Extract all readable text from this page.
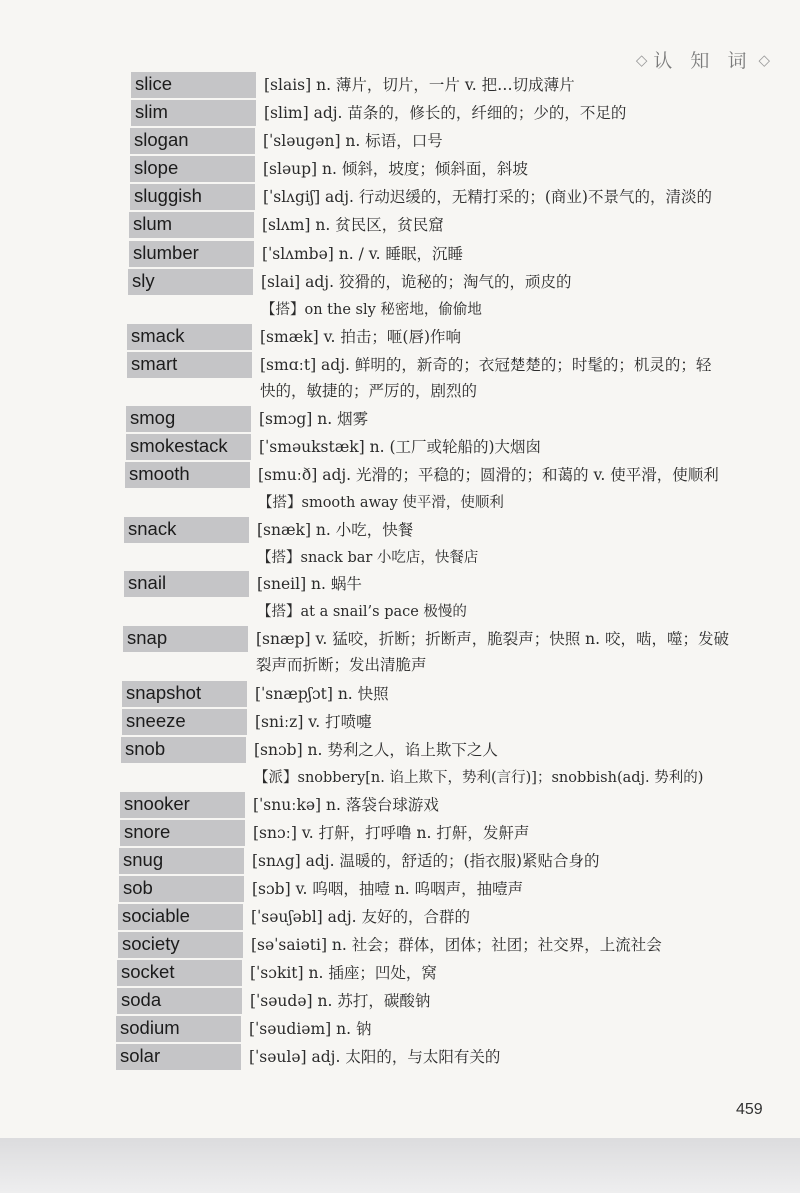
◇ 认 知 词 ◇
slice	[slais] n. 薄片，切片，一片 v. 把…切成薄片
slim	[slim] adj. 苗条的，修长的，纤细的；少的，不足的
slogan	[ˈsləugən] n. 标语，口号
slope	[sləup] n. 倾斜，坡度；倾斜面，斜坡
sluggish	[ˈslʌgiʃ] adj. 行动迟缓的，无精打采的；(商业)不景气的，清淡的
slum	[slʌm] n. 贫民区，贫民窟
slumber	[ˈslʌmbə] n. / v. 睡眠，沉睡
sly	[slai] adj. 狡猾的，诡秘的；淘气的，顽皮的
【搭】on the sly 秘密地，偷偷地
smack	[smæk] v. 拍击；咂(唇)作响
smart	[smɑːt] adj. 鲜明的，新奇的；衣冠楚楚的；时髦的；机灵的；轻
快的，敏捷的；严厉的，剧烈的
smog	[smɔg] n. 烟雾
smokestack	[ˈsməukstæk] n. (工厂或轮船的)大烟囱
smooth	[smuːð] adj. 光滑的；平稳的；圆滑的；和蔼的 v. 使平滑，使顺利
【搭】smooth away 使平滑，使顺利
snack	[snæk] n. 小吃，快餐
【搭】snack bar 小吃店，快餐店
snail	[sneil] n. 蜗牛
【搭】at a snail’s pace 极慢的
snap	[snæp] v. 猛咬，折断；折断声，脆裂声；快照 n. 咬，啮，噬；发破
裂声而折断；发出清脆声
snapshot	[ˈsnæpʃɔt] n. 快照
sneeze	[sniːz] v. 打喷嚏
snob	[snɔb] n. 势利之人，谄上欺下之人
【派】snobbery[n. 谄上欺下，势利(言行)]；snobbish(adj. 势利的)
snooker	[ˈsnuːkə] n. 落袋台球游戏
snore	[snɔː] v. 打鼾，打呼噜 n. 打鼾，发鼾声
snug	[snʌg] adj. 温暖的，舒适的；(指衣服)紧贴合身的
sob	[sɔb] v. 呜咽，抽噎 n. 呜咽声，抽噎声
sociable	[ˈsəuʃəbl] adj. 友好的，合群的
society	[səˈsaiəti] n. 社会；群体，团体；社团；社交界，上流社会
socket	[ˈsɔkit] n. 插座；凹处，窝
soda	[ˈsəudə] n. 苏打，碳酸钠
sodium	[ˈsəudiəm] n. 钠
solar	[ˈsəulə] adj. 太阳的，与太阳有关的
459
